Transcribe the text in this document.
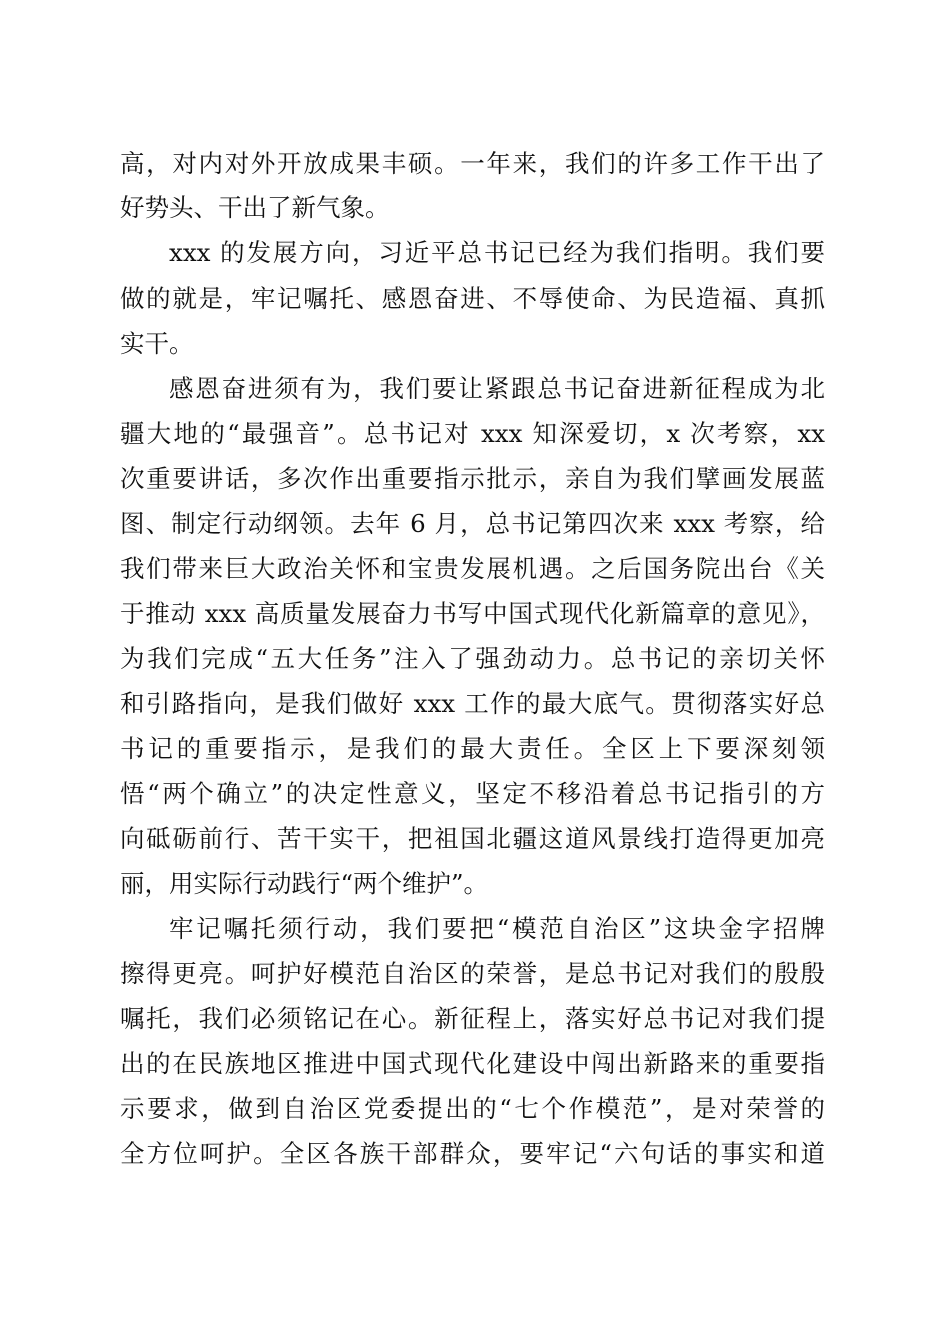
高，对内对外开放成果丰硕。一年来，我们的许多工作干出了

好势头、干出了新气象。

xxx 的发展方向，习近平总书记已经为我们指明。我们要

做的就是，牢记嘱托、感恩奋进、不辱使命、为民造福、真抓

实干。

感恩奋进须有为，我们要让紧跟总书记奋进新征程成为北

疆大地的“最强音”。总书记对 xxx 知深爱切，x 次考察，xx

次重要讲话，多次作出重要指示批示，亲自为我们擘画发展蓝

图、制定行动纲领。去年 6 月，总书记第四次来 xxx 考察，给

我们带来巨大政治关怀和宝贵发展机遇。之后国务院出台《关

于推动 xxx 高质量发展奋力书写中国式现代化新篇章的意见》，

为我们完成“五大任务”注入了强劲动力。总书记的亲切关怀

和引路指向，是我们做好 xxx 工作的最大底气。贯彻落实好总

书记的重要指示，是我们的最大责任。全区上下要深刻领

悟“两个确立”的决定性意义，坚定不移沿着总书记指引的方

向砥砺前行、苦干实干，把祖国北疆这道风景线打造得更加亮

丽，用实际行动践行“两个维护”。

牢记嘱托须行动，我们要把“模范自治区”这块金字招牌

擦得更亮。呵护好模范自治区的荣誉，是总书记对我们的殷殷

嘱托，我们必须铭记在心。新征程上，落实好总书记对我们提

出的在民族地区推进中国式现代化建设中闯出新路来的重要指

示要求，做到自治区党委提出的“七个作模范”，是对荣誉的

全方位呵护。全区各族干部群众，要牢记“六句话的事实和道
